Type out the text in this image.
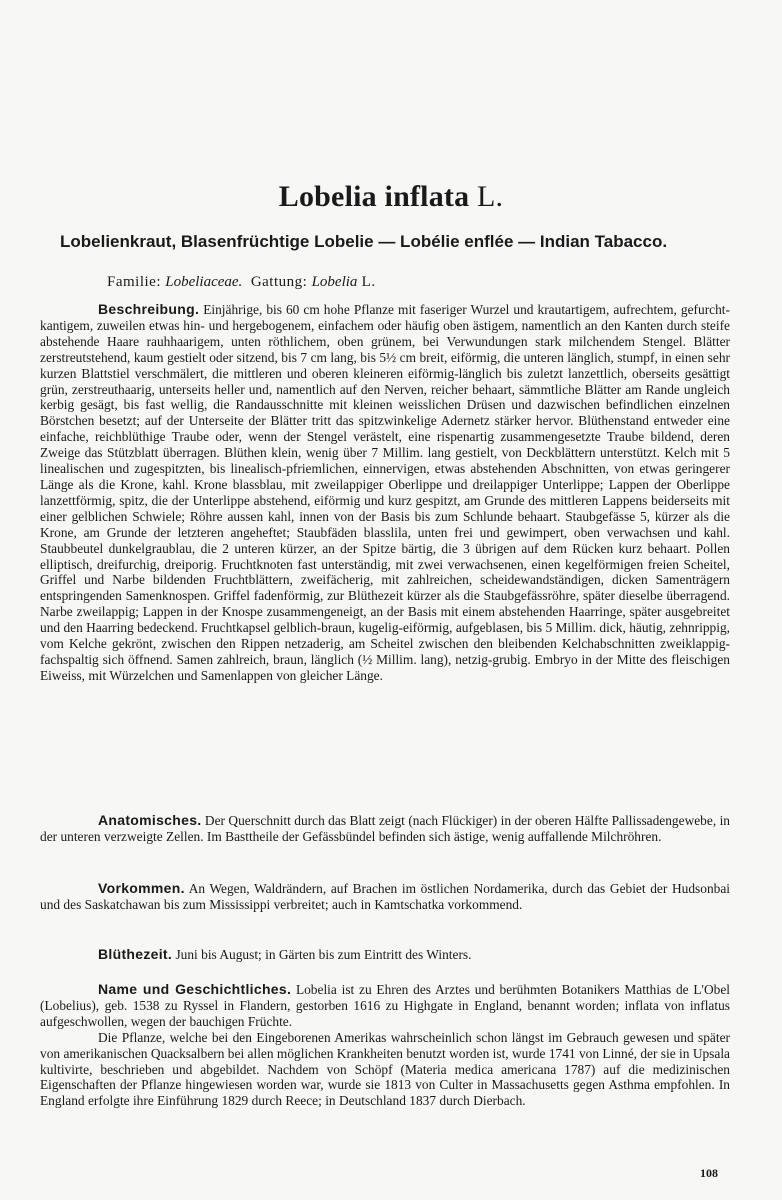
Lobelia inflata L.
Lobelienkraut, Blasenfrüchtige Lobelie — Lobélie enflée — Indian Tabacco.
Familie: Lobeliaceae. Gattung: Lobelia L.

Beschreibung. Einjährige, bis 60 cm hohe Pflanze mit faseriger Wurzel und krautartigem, aufrechtem, gefurcht-kantigem, zuweilen etwas hin- und hergebogenem, einfachem oder häufig oben ästigem, namentlich an den Kanten durch steife abstehende Haare rauhhaarigem, unten röthlichem, oben grünem, bei Verwundungen stark milchendem Stengel. Blätter zerstreutstehend, kaum gestielt oder sitzend, bis 7 cm lang, bis 5½ cm breit, eiförmig, die unteren länglich, stumpf, in einen sehr kurzen Blattstiel verschmälert, die mittleren und oberen kleineren eiförmig-länglich bis zuletzt lanzettlich, oberseits gesättigt grün, zerstreuthaarig, unterseits heller und, namentlich auf den Nerven, reicher behaart, sämmtliche Blätter am Rande ungleich kerbig gesägt, bis fast wellig, die Randausschnitte mit kleinen weisslichen Drüsen und dazwischen befindlichen einzelnen Börstchen besetzt; auf der Unterseite der Blätter tritt das spitzwinkelige Adernetz stärker hervor. Blüthenstand entweder eine einfache, reichblüthige Traube oder, wenn der Stengel verästelt, eine rispenartig zusammengesetzte Traube bildend, deren Zweige das Stützblatt überragen. Blüthen klein, wenig über 7 Millim. lang gestielt, von Deckblättern unterstützt. Kelch mit 5 linealischen und zugespitzten, bis linealisch-pfriemlichen, einnervigen, etwas abstehenden Abschnitten, von etwas geringerer Länge als die Krone, kahl. Krone blassblau, mit zweilappiger Oberlippe und dreilappiger Unterlippe; Lappen der Oberlippe lanzettförmig, spitz, die der Unterlippe abstehend, eiförmig und kurz gespitzt, am Grunde des mittleren Lappens beiderseits mit einer gelblichen Schwiele; Röhre aussen kahl, innen von der Basis bis zum Schlunde behaart. Staubgefässe 5, kürzer als die Krone, am Grunde der letzteren angeheftet; Staubfäden blasslila, unten frei und gewimpert, oben verwachsen und kahl. Staubbeutel dunkelgraublau, die 2 unteren kürzer, an der Spitze bärtig, die 3 übrigen auf dem Rücken kurz behaart. Pollen elliptisch, dreifurchig, dreiporig. Fruchtknoten fast unterständig, mit zwei verwachsenen, einen kegelförmigen freien Scheitel, Griffel und Narbe bildenden Fruchtblättern, zweifächerig, mit zahlreichen, scheidewandständigen, dicken Samenträgern entspringenden Samenknospen. Griffel fadenförmig, zur Blüthezeit kürzer als die Staubgefässröhre, später dieselbe überragend. Narbe zweilappig; Lappen in der Knospe zusammengeneigt, an der Basis mit einem abstehenden Haarringe, später ausgebreitet und den Haarring bedeckend. Fruchtkapsel gelblich-braun, kugelig-eiförmig, aufgeblasen, bis 5 Millim. dick, häutig, zehnrippig, vom Kelche gekrönt, zwischen den Rippen netzaderig, am Scheitel zwischen den bleibenden Kelchabschnitten zweiklappig-fachspaltig sich öffnend. Samen zahlreich, braun, länglich (½ Millim. lang), netzig-grubig. Embryo in der Mitte des fleischigen Eiweiss, mit Würzelchen und Samenlappen von gleicher Länge.

Anatomisches. Der Querschnitt durch das Blatt zeigt (nach Flückiger) in der oberen Hälfte Pallissadengewebe, in der unteren verzweigte Zellen. Im Basttheile der Gefässbündel befinden sich ästige, wenig auffallende Milchröhren.

Vorkommen. An Wegen, Waldrändern, auf Brachen im östlichen Nordamerika, durch das Gebiet der Hudsonbai und des Saskatchawan bis zum Mississippi verbreitet; auch in Kamtschatka vorkommend.

Blüthezeit. Juni bis August; in Gärten bis zum Eintritt des Winters.

Name und Geschichtliches. Lobelia ist zu Ehren des Arztes und berühmten Botanikers Matthias de L'Obel (Lobelius), geb. 1538 zu Ryssel in Flandern, gestorben 1616 zu Highgate in England, benannt worden; inflata von inflatus aufgeschwollen, wegen der bauchigen Früchte.

Die Pflanze, welche bei den Eingeborenen Amerikas wahrscheinlich schon längst im Gebrauch gewesen und später von amerikanischen Quacksalbern bei allen möglichen Krankheiten benutzt worden ist, wurde 1741 von Linné, der sie in Upsala kultivirte, beschrieben und abgebildet. Nachdem von Schöpf (Materia medica americana 1787) auf die medizinischen Eigenschaften der Pflanze hingewiesen worden war, wurde sie 1813 von Culter in Massachusetts gegen Asthma empfohlen. In England erfolgte ihre Einführung 1829 durch Reece; in Deutschland 1837 durch Dierbach.

108
